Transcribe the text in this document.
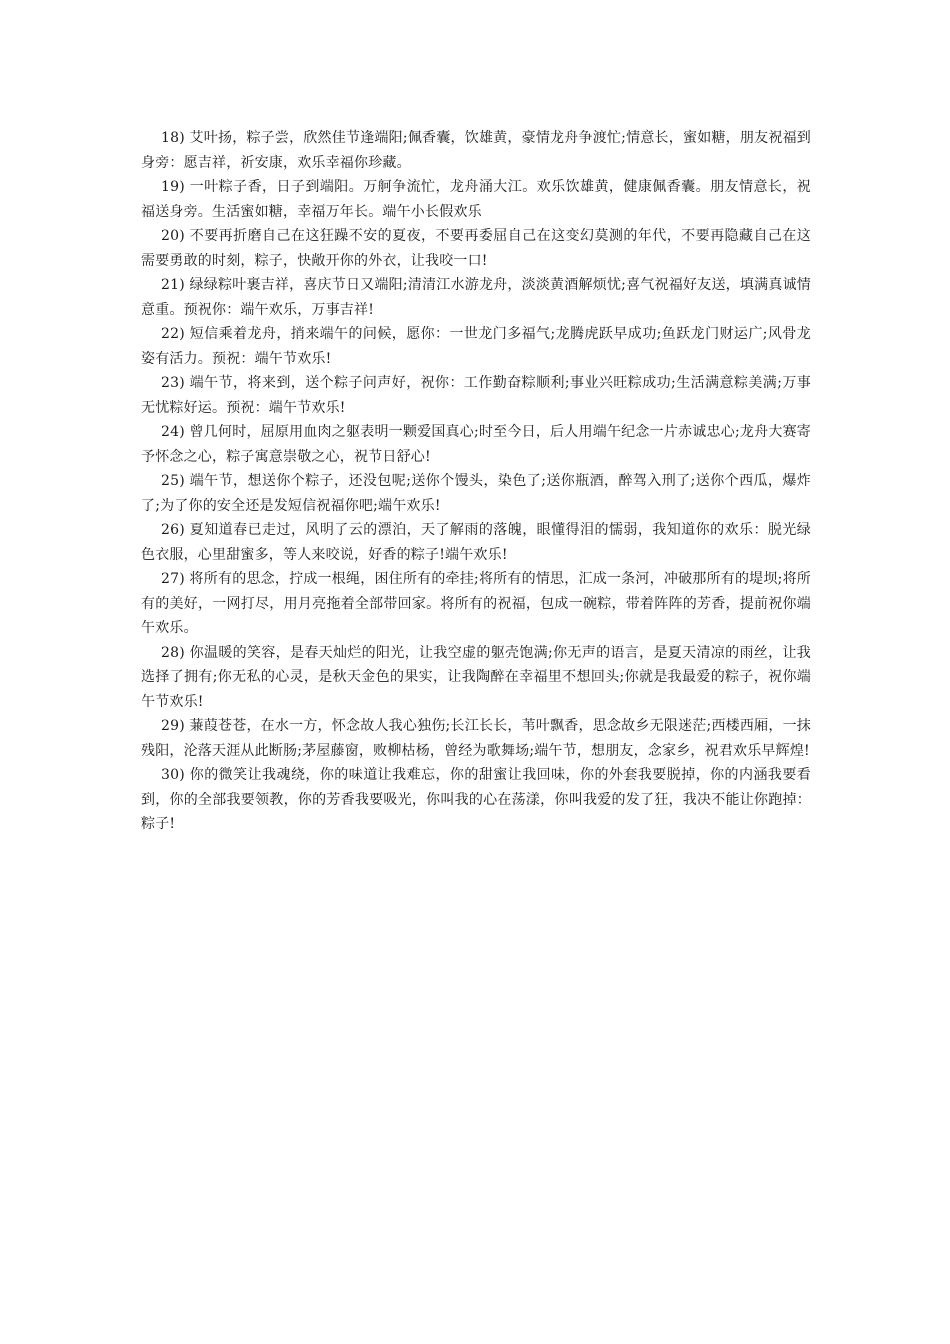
18) 艾叶扬，粽子尝，欣然佳节逢端阳;佩香囊，饮雄黄，豪情龙舟争渡忙;情意长，蜜如糖，朋友祝福到身旁：愿吉祥，祈安康，欢乐幸福你珍藏。

19) 一叶粽子香，日子到端阳。万舸争流忙，龙舟涌大江。欢乐饮雄黄，健康佩香囊。朋友情意长，祝福送身旁。生活蜜如糖，幸福万年长。端午小长假欢乐

20) 不要再折磨自己在这狂躁不安的夏夜，不要再委屈自己在这变幻莫测的年代，不要再隐藏自己在这需要勇敢的时刻，粽子，快敞开你的外衣，让我咬一口!

21) 绿绿粽叶裹吉祥，喜庆节日又端阳;清清江水游龙舟，淡淡黄酒解烦忧;喜气祝福好友送，填满真诚情意重。预祝你：端午欢乐，万事吉祥!

22) 短信乘着龙舟，捎来端午的问候，愿你：一世龙门多福气;龙腾虎跃早成功;鱼跃龙门财运广;风骨龙姿有活力。预祝：端午节欢乐!

23) 端午节，将来到，送个粽子问声好，祝你：工作勤奋粽顺利;事业兴旺粽成功;生活满意粽美满;万事无忧粽好运。预祝：端午节欢乐!

24) 曾几何时，屈原用血肉之躯表明一颗爱国真心;时至今日，后人用端午纪念一片赤诚忠心;龙舟大赛寄予怀念之心，粽子寓意崇敬之心，祝节日舒心!

25) 端午节，想送你个粽子，还没包呢;送你个馒头，染色了;送你瓶酒，醉驾入刑了;送你个西瓜，爆炸了;为了你的安全还是发短信祝福你吧;端午欢乐!

26) 夏知道春已走过，风明了云的漂泊，天了解雨的落魄，眼懂得泪的懦弱，我知道你的欢乐：脱光绿色衣服，心里甜蜜多，等人来咬说，好香的粽子!端午欢乐!

27) 将所有的思念，拧成一根绳，困住所有的牵挂;将所有的情思，汇成一条河，冲破那所有的堤坝;将所有的美好，一网打尽，用月亮拖着全部带回家。将所有的祝福，包成一碗粽，带着阵阵的芳香，提前祝你端午欢乐。

28) 你温暖的笑容，是春天灿烂的阳光，让我空虚的躯壳饱满;你无声的语言，是夏天清凉的雨丝，让我选择了拥有;你无私的心灵，是秋天金色的果实，让我陶醉在幸福里不想回头;你就是我最爱的粽子，祝你端午节欢乐!

29) 蒹葭苍苍，在水一方，怀念故人我心独伤;长江长长，苇叶飘香，思念故乡无限迷茫;西楼西厢，一抹残阳，沦落天涯从此断肠;茅屋藤窗，败柳枯杨，曾经为歌舞场;端午节，想朋友，念家乡，祝君欢乐早辉煌!

30) 你的微笑让我魂绕，你的味道让我难忘，你的甜蜜让我回味，你的外套我要脱掉，你的内涵我要看到，你的全部我要领教，你的芳香我要吸光，你叫我的心在荡漾，你叫我爱的发了狂，我决不能让你跑掉：粽子!
